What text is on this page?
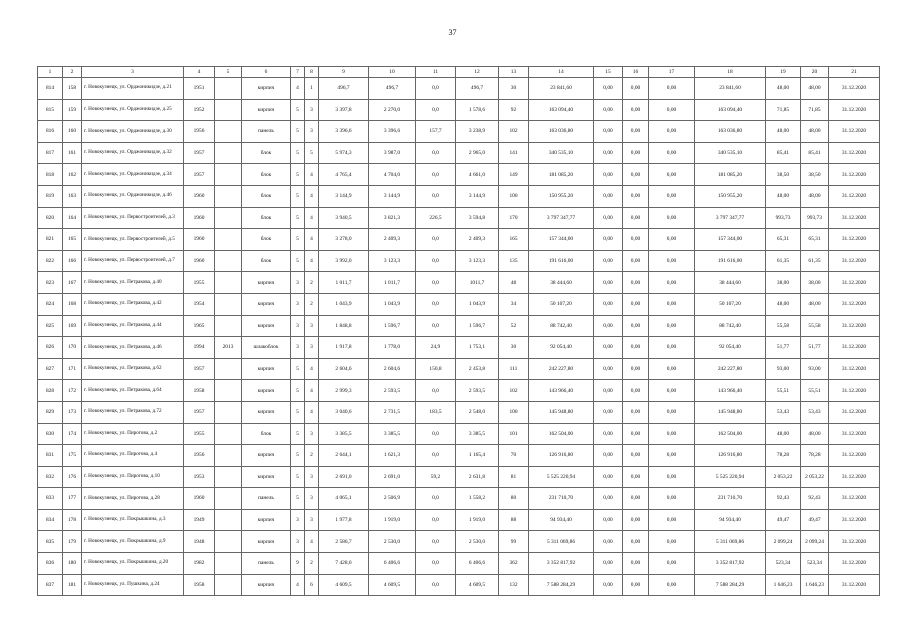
37
1	2	3	4	5	6	7	8	9	10	11	12	13	14	15	16	17	18	19	20	21
814	158	г. Новокузнецк, ул. Орджоникидзе, д.21	1951		кирпич	4	1	496,7	496,7	0,0	496,7	30	23 841,60	0,00	0,00	0,00	23 841,60	48,00	48,00	31.12.2020
815	159	г. Новокузнецк, ул. Орджоникидзе, д.25	1952		кирпич	5	3	3 397,8	2 270,0	0,0	1 578,6	92	163 094,40	0,00	0,00	0,00	163 094,40	71,85	71,85	31.12.2020
816	160	г. Новокузнецк, ул. Орджоникидзе, д.30	1956		панель	5	3	3 396,6	3 396,6	157,7	3 238,9	102	163 036,80	0,00	0,00	0,00	163 036,80	48,00	48,00	31.12.2020
817	161	г. Новокузнецк, ул. Орджоникидзе, д.32	1957		блок	5	5	5 974,3	3 987,0	0,0	2 965,0	141	340 535,10	0,00	0,00	0,00	340 535,10	85,41	85,41	31.12.2020
818	162	г. Новокузнецк, ул. Орджоникидзе, д.34	1957		блок	5	4	4 765,4	4 704,0	0,0	4 661,0	149	181 085,20	0,00	0,00	0,00	181 085,20	38,50	38,50	31.12.2020
819	163	г. Новокузнецк, ул. Орджоникидзе, д.46	1960		блок	5	4	3 144,9	3 144,9	0,0	3 144,9	100	150 955,20	0,00	0,00	0,00	150 955,20	48,00	48,00	31.12.2020
820	164	г. Новокузнецк, ул. Первостроителей, д.3	1960		блок	5	4	3 940,5	3 821,3	226,5	3 594,8	170	3 797 347,77	0,00	0,00	0,00	3 797 347,77	993,73	993,73	31.12.2020
821	165	г. Новокузнецк, ул. Первостроителей, д.5	1960		блок	5	4	3 278,0	2 409,3	0,0	2 409,3	165	157 344,00	0,00	0,00	0,00	157 344,00	65,31	65,31	31.12.2020
822	166	г. Новокузнецк, ул. Первостроителей, д.7	1960		блок	5	4	3 992,0	3 123,3	0,0	3 123,3	135	191 616,00	0,00	0,00	0,00	191 616,00	61,35	61,35	31.12.2020
823	167	г. Новокузнецк, ул. Петракова, д.40	1955		кирпич	3	2	1 011,7	1 011,7	0,0	1011,7	48	38 444,60	0,00	0,00	0,00	38 444,60	38,00	38,00	31.12.2020
824	168	г. Новокузнецк, ул. Петракова, д.42	1954		кирпич	3	2	1 043,9	1 043,9	0,0	1 043,9	34	50 107,20	0,00	0,00	0,00	50 107,20	48,00	48,00	31.12.2020
825	169	г. Новокузнецк, ул. Петракова, д.44	1965		кирпич	3	3	1 848,8	1 596,7	0,0	1 596,7	52	88 742,40	0,00	0,00	0,00	88 742,40	55,58	55,58	31.12.2020
826	170	г. Новокузнецк, ул. Петракова, д.46	1994	2013	шлакоблок	3	3	1 917,8	1 778,0	24,9	1 753,1	30	92 054,40	0,00	0,00	0,00	92 054,40	51,77	51,77	31.12.2020
827	171	г. Новокузнецк, ул. Петракова, д.62	1957		кирпич	5	4	2 604,6	2 604,6	150,8	2 453,8	111	242 227,80	0,00	0,00	0,00	242 227,80	93,00	93,00	31.12.2020
828	172	г. Новокузнецк, ул. Петракова, д.64	1958		кирпич	5	4	2 999,3	2 593,5	0,0	2 593,5	102	143 966,40	0,00	0,00	0,00	143 966,40	55,51	55,51	31.12.2020
829	173	г. Новокузнецк, ул. Петракова, д.72	1957		кирпич	5	4	3 040,6	2 731,5	183,5	2 548,0	100	145 948,80	0,00	0,00	0,00	145 948,80	53,43	53,43	31.12.2020
830	174	г. Новокузнецк, ул. Пирогова, д.2	1955		блок	5	3	3 385,5	3 385,5	0,0	3 385,5	101	162 504,00	0,00	0,00	0,00	162 504,00	48,00	48,00	31.12.2020
831	175	г. Новокузнецк, ул. Пирогова, д.4	1956		кирпич	5	2	2 644,1	1 621,3	0,0	1 165,4	70	126 916,80	0,00	0,00	0,00	126 916,80	78,28	78,28	31.12.2020
832	176	г. Новокузнецк, ул. Пирогова, д.10	1953		кирпич	5	3	2 691,0	2 691,0	59,2	2 631,8	81	5 525 220,94	0,00	0,00	0,00	5 525 220,94	2 053,22	2 053,22	31.12.2020
833	177	г. Новокузнецк, ул. Пирогова, д.28	1960		панель	5	3	4 065,1	2 506,9	0,0	1 558,2	80	231 710,70	0,00	0,00	0,00	231 710,70	92,43	92,43	31.12.2020
834	178	г. Новокузнецк, ул. Покрышкина, д.3	1949		кирпич	3	3	1 977,8	1 919,0	0,0	1 919,0	88	94 934,40	0,00	0,00	0,00	94 934,40	49,47	49,47	31.12.2020
835	179	г. Новокузнецк, ул. Покрышкина, д.9	1948		кирпич	3	4	2 586,7	2 530,0	0,0	2 530,0	99	5 311 069,86	0,00	0,00	0,00	5 311 069,86	2 099,24	2 099,24	31.12.2020
836	180	г. Новокузнецк, ул. Покрышкина, д.20	1982		панель	9	2	7 428,0	6 406,6	0,0	6 406,6	362	3 352 817,92	0,00	0,00	0,00	3 352 817,92	523,34	523,34	31.12.2020
837	181	г. Новокузнецк, ул. Пушкина, д.24	1958		кирпич	4	6	4 609,5	4 609,5	0,0	4 609,5	132	7 588 284,29	0,00	0,00	0,00	7 588 284,29	1 646,23	1 646,23	31.12.2020
